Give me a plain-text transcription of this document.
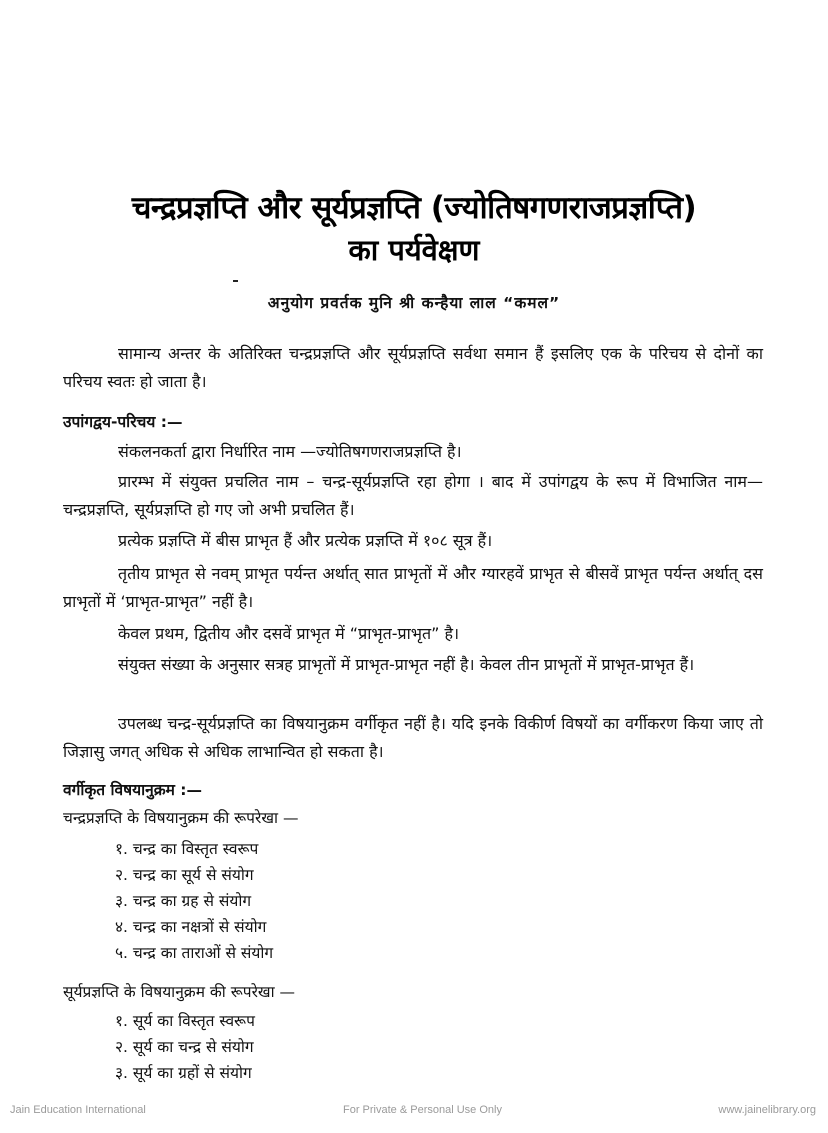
चन्द्रप्रज्ञप्ति और सूर्यप्रज्ञप्ति (ज्योतिषगणराजप्रज्ञप्ति)
का पर्यवेक्षण
अनुयोग प्रवर्तक मुनि श्री कन्हैया लाल “कमल”
सामान्य अन्तर के अतिरिक्त चन्द्रप्रज्ञप्ति और सूर्यप्रज्ञप्ति सर्वथा समान हैं इसलिए एक के परिचय से दोनों का परिचय स्वतः हो जाता है।
उपांगद्वय-परिचय :—
संकलनकर्ता द्वारा निर्धारित नाम —ज्योतिषगणराजप्रज्ञप्ति है।
प्रारम्भ में संयुक्त प्रचलित नाम – चन्द्र-सूर्यप्रज्ञप्ति रहा होगा । बाद में उपांगद्वय के रूप में विभाजित नाम—चन्द्रप्रज्ञप्ति, सूर्यप्रज्ञप्ति हो गए जो अभी प्रचलित हैं।
प्रत्येक प्रज्ञप्ति में बीस प्राभृत हैं और प्रत्येक प्रज्ञप्ति में १०८ सूत्र हैं।
तृतीय प्राभृत से नवम् प्राभृत पर्यन्त अर्थात् सात प्राभृतों में और ग्यारहवें प्राभृत से बीसवें प्राभृत पर्यन्त अर्थात् दस प्राभृतों में ‘प्राभृत-प्राभृत” नहीं है।
केवल प्रथम, द्वितीय और दसवें प्राभृत में “प्राभृत-प्राभृत” है।
संयुक्त संख्या के अनुसार सत्रह प्राभृतों में प्राभृत-प्राभृत नहीं है। केवल तीन प्राभृतों में प्राभृत-प्राभृत हैं।
उपलब्ध चन्द्र-सूर्यप्रज्ञप्ति का विषयानुक्रम वर्गीकृत नहीं है। यदि इनके विकीर्ण विषयों का वर्गीकरण किया जाए तो जिज्ञासु जगत् अधिक से अधिक लाभान्वित हो सकता है।
वर्गीकृत विषयानुक्रम :—
चन्द्रप्रज्ञप्ति के विषयानुक्रम की रूपरेखा —
१. चन्द्र का विस्तृत स्वरूप
२. चन्द्र का सूर्य से संयोग
३. चन्द्र का ग्रह से संयोग
४. चन्द्र का नक्षत्रों से संयोग
५. चन्द्र का ताराओं से संयोग
सूर्यप्रज्ञप्ति के विषयानुक्रम की रूपरेखा —
१. सूर्य का विस्तृत स्वरूप
२. सूर्य का चन्द्र से संयोग
३. सूर्य का ग्रहों से संयोग
Jain Education International	For Private & Personal Use Only	www.jainelibrary.org
